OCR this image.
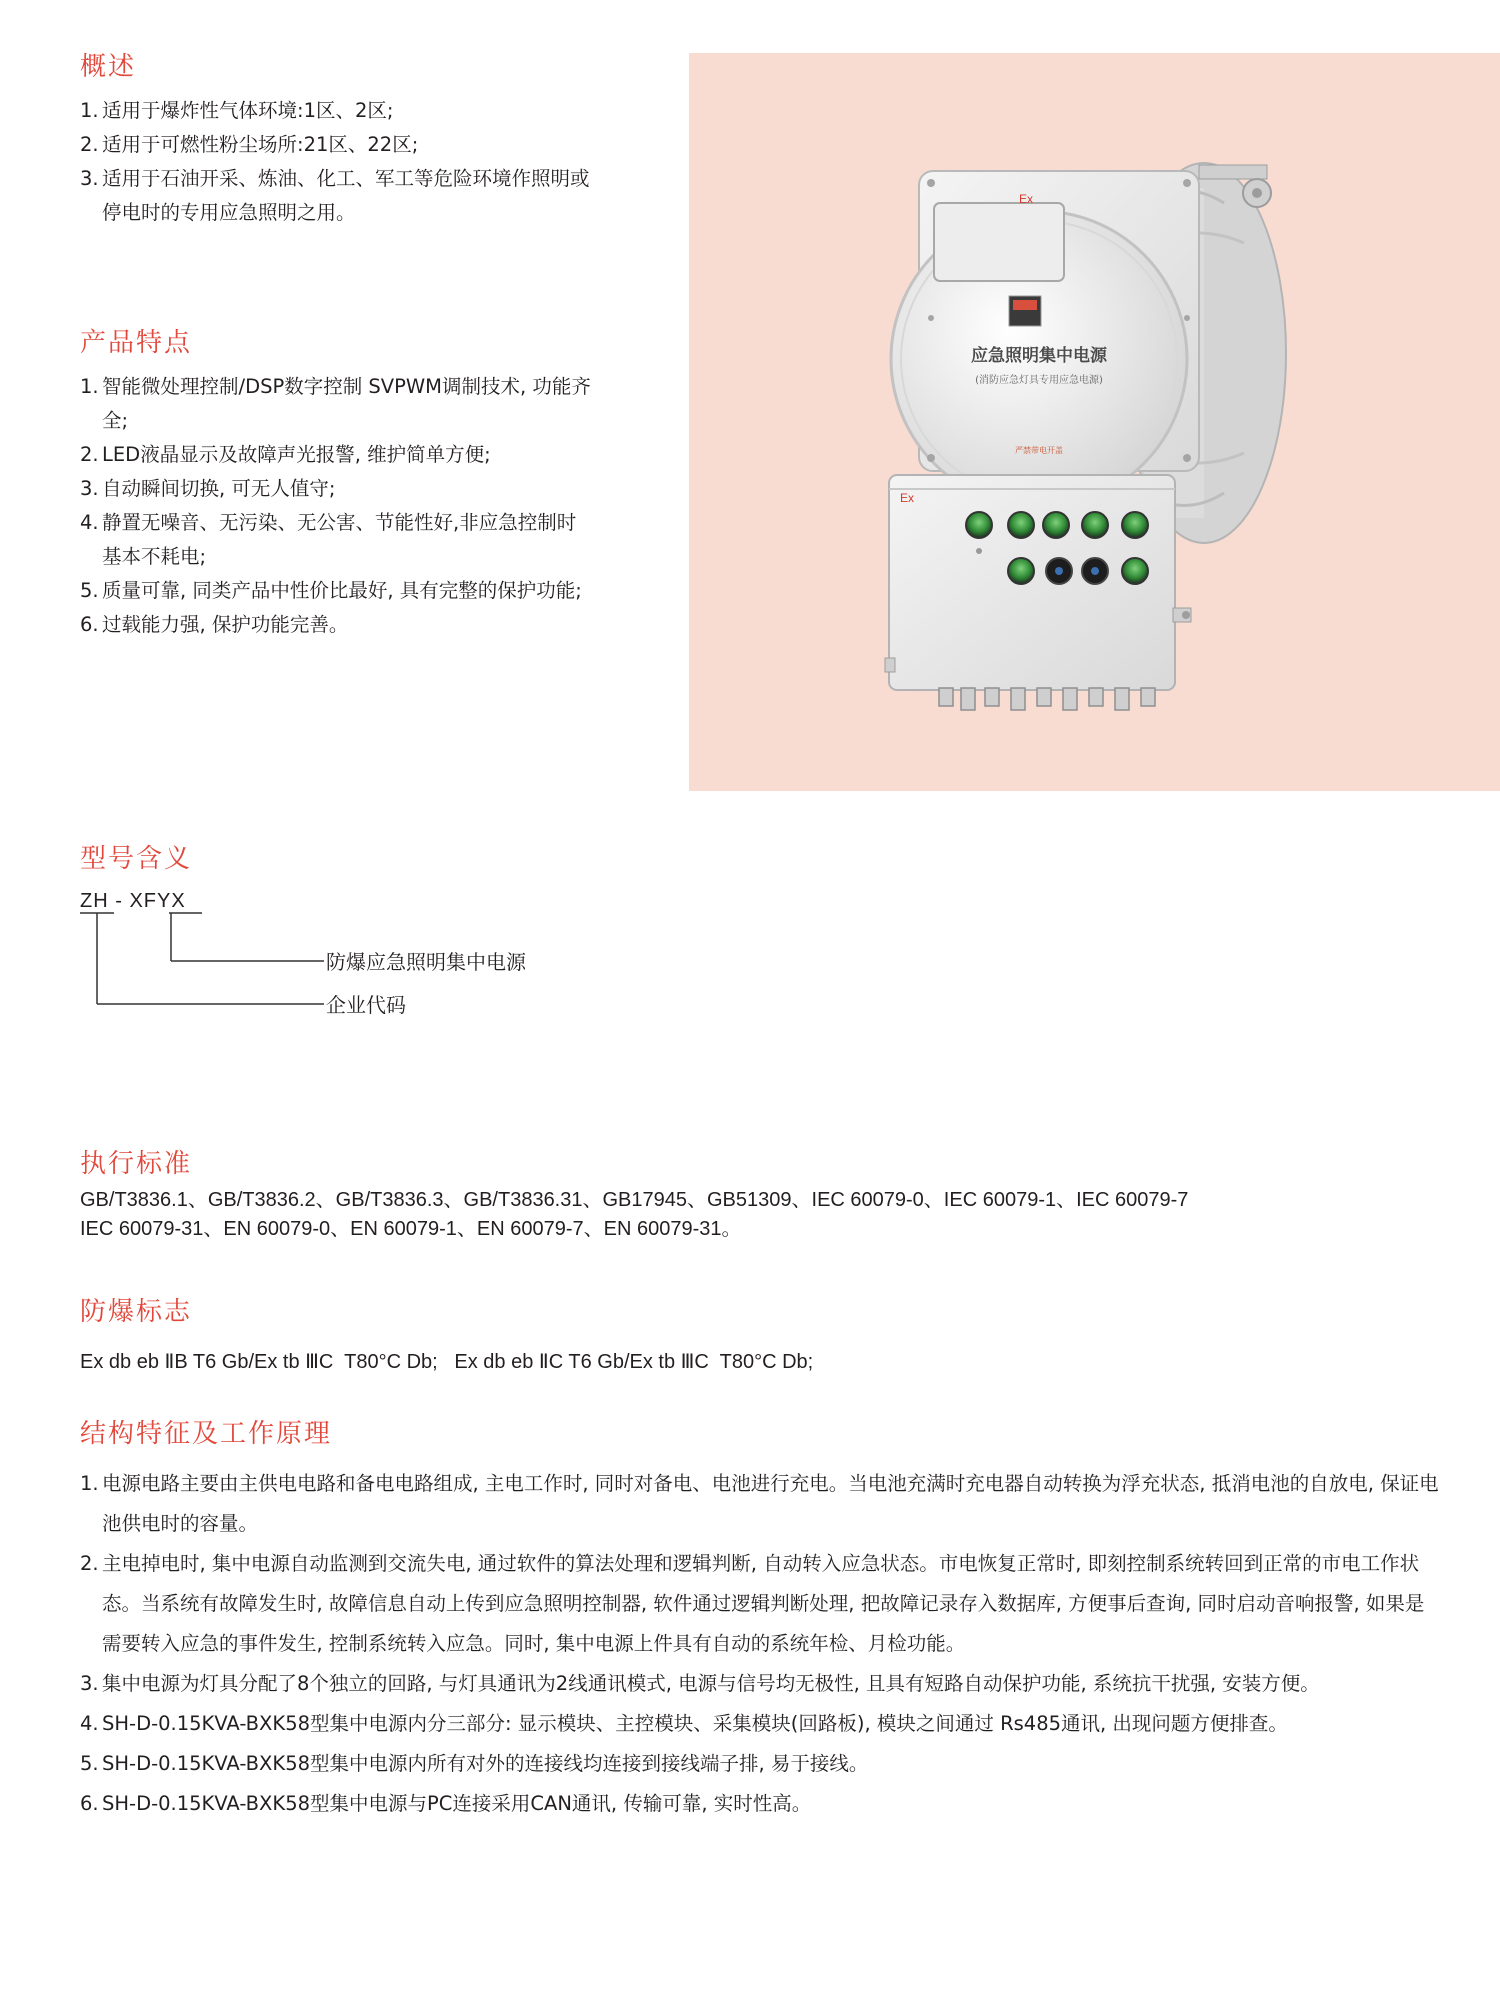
概述
1. 适用于爆炸性气体环境:1区、2区;
2. 适用于可燃性粉尘场所:21区、22区;
3. 适用于石油开采、炼油、化工、军工等危险环境作照明或停电时的专用应急照明之用。
产品特点
1. 智能微处理控制/DSP数字控制 SVPWM调制技术, 功能齐全;
2. LED液晶显示及故障声光报警, 维护简单方便;
3. 自动瞬间切换, 可无人值守;
4. 静置无噪音、无污染、无公害、节能性好,非应急控制时基本不耗电;
5. 质量可靠, 同类产品中性价比最好, 具有完整的保护功能;
6. 过载能力强, 保护功能完善。
Ex
应急照明集中电源
(消防应急灯具专用应急电源)
严禁带电开盖
Ex
型号含义
ZH - XFYX
防爆应急照明集中电源
企业代码
执行标准

GB/T3836.1、GB/T3836.2、GB/T3836.3、GB/T3836.31、GB17945、GB51309、IEC 60079-0、IEC 60079-1、IEC 60079-7

IEC 60079-31、EN 60079-0、EN 60079-1、EN 60079-7、EN 60079-31。

防爆标志

Ex db eb ⅡB T6 Gb/Ex tb ⅢC  T80°C Db;   Ex db eb ⅡC T6 Gb/Ex tb ⅢC  T80°C Db;

结构特征及工作原理
1. 电源电路主要由主供电电路和备电电路组成, 主电工作时, 同时对备电、电池进行充电。当电池充满时充电器自动转换为浮充状态, 抵消电池的自放电, 保证电池供电时的容量。
2. 主电掉电时, 集中电源自动监测到交流失电, 通过软件的算法处理和逻辑判断, 自动转入应急状态。市电恢复正常时, 即刻控制系统转回到正常的市电工作状态。当系统有故障发生时, 故障信息自动上传到应急照明控制器, 软件通过逻辑判断处理, 把故障记录存入数据库, 方便事后查询, 同时启动音响报警, 如果是需要转入应急的事件发生, 控制系统转入应急。同时, 集中电源上件具有自动的系统年检、月检功能。
3. 集中电源为灯具分配了8个独立的回路, 与灯具通讯为2线通讯模式, 电源与信号均无极性, 且具有短路自动保护功能, 系统抗干扰强, 安装方便。
4. SH-D-0.15KVA-BXK58型集中电源内分三部分: 显示模块、主控模块、采集模块(回路板), 模块之间通过 Rs485通讯, 出现问题方便排查。
5. SH-D-0.15KVA-BXK58型集中电源内所有对外的连接线均连接到接线端子排, 易于接线。
6. SH-D-0.15KVA-BXK58型集中电源与PC连接采用CAN通讯, 传输可靠, 实时性高。
